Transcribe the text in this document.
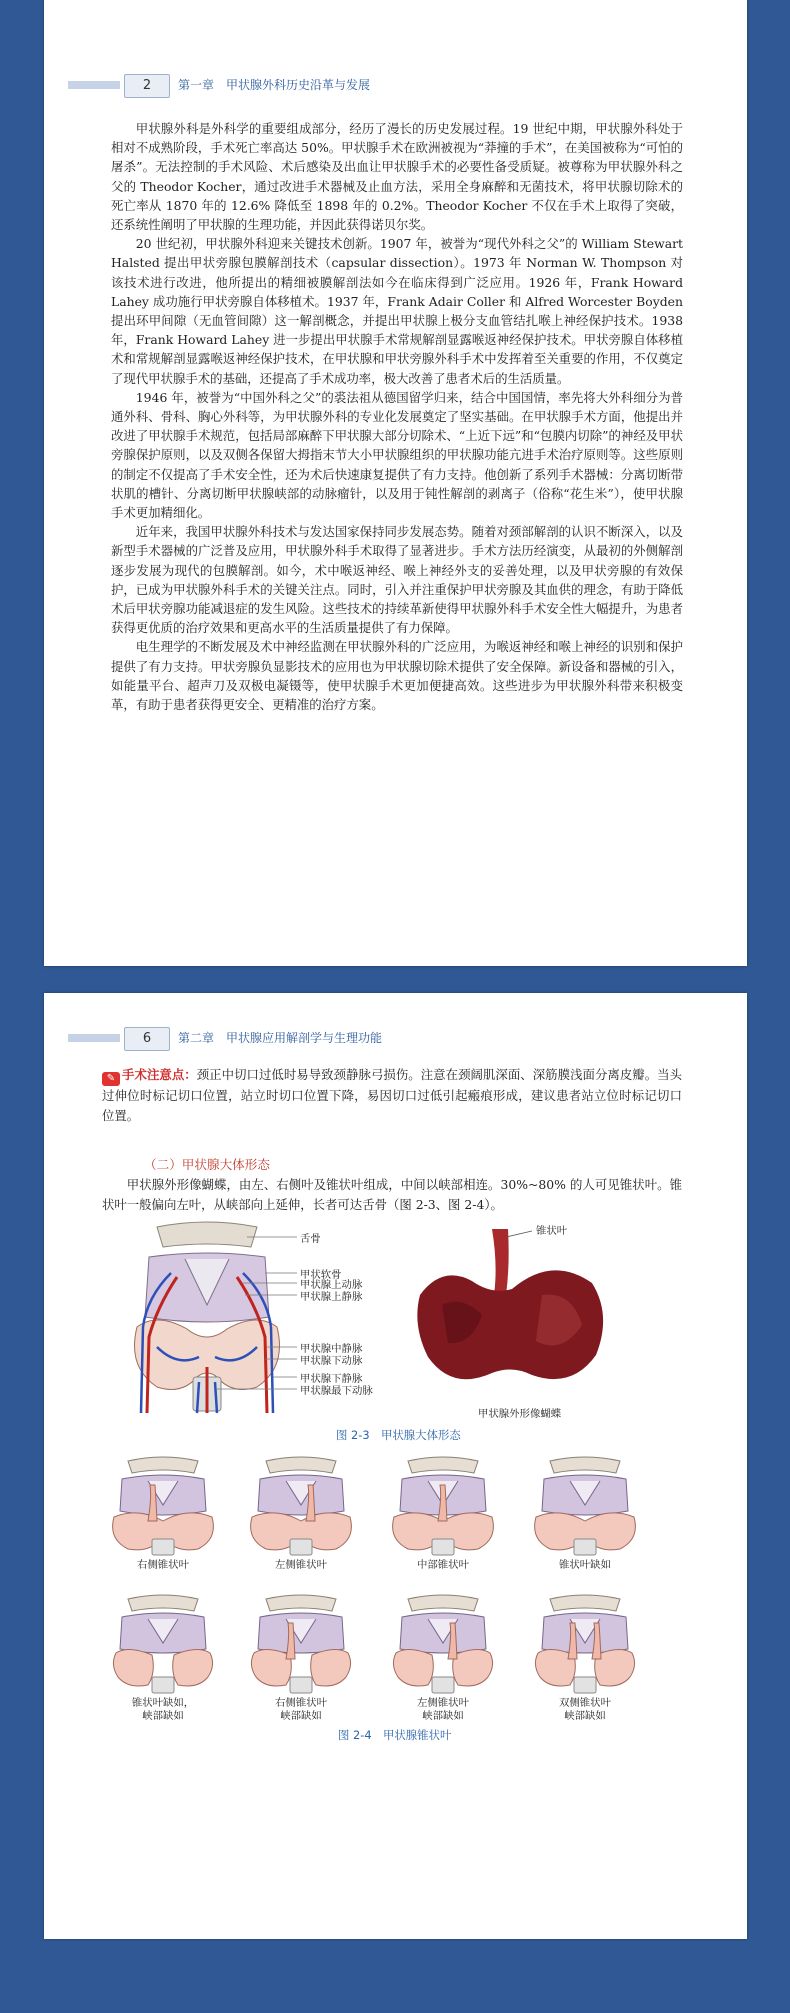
2	第一章　甲状腺外科历史沿革与发展

甲状腺外科是外科学的重要组成部分，经历了漫长的历史发展过程。19 世纪中期，甲状腺外科处于相对不成熟阶段，手术死亡率高达 50%。甲状腺手术在欧洲被视为“莽撞的手术”，在美国被称为“可怕的屠杀”。无法控制的手术风险、术后感染及出血让甲状腺手术的必要性备受质疑。被尊称为甲状腺外科之父的 Theodor Kocher，通过改进手术器械及止血方法，采用全身麻醉和无菌技术，将甲状腺切除术的死亡率从 1870 年的 12.6% 降低至 1898 年的 0.2%。Theodor Kocher 不仅在手术上取得了突破，还系统性阐明了甲状腺的生理功能，并因此获得诺贝尔奖。

20 世纪初，甲状腺外科迎来关键技术创新。1907 年，被誉为“现代外科之父”的 William Stewart Halsted 提出甲状旁腺包膜解剖技术（capsular dissection）。1973 年 Norman W. Thompson 对该技术进行改进，他所提出的精细被膜解剖法如今在临床得到广泛应用。1926 年，Frank Howard Lahey 成功施行甲状旁腺自体移植术。1937 年，Frank Adair Coller 和 Alfred Worcester Boyden 提出环甲间隙（无血管间隙）这一解剖概念，并提出甲状腺上极分支血管结扎喉上神经保护技术。1938 年，Frank Howard Lahey 进一步提出甲状腺手术常规解剖显露喉返神经保护技术。甲状旁腺自体移植术和常规解剖显露喉返神经保护技术，在甲状腺和甲状旁腺外科手术中发挥着至关重要的作用，不仅奠定了现代甲状腺手术的基础，还提高了手术成功率，极大改善了患者术后的生活质量。

1946 年，被誉为“中国外科之父”的裘法祖从德国留学归来，结合中国国情，率先将大外科细分为普通外科、骨科、胸心外科等，为甲状腺外科的专业化发展奠定了坚实基础。在甲状腺手术方面，他提出并改进了甲状腺手术规范，包括局部麻醉下甲状腺大部分切除术、“上近下远”和“包膜内切除”的神经及甲状旁腺保护原则，以及双侧各保留大拇指末节大小甲状腺组织的甲状腺功能亢进手术治疗原则等。这些原则的制定不仅提高了手术安全性，还为术后快速康复提供了有力支持。他创新了系列手术器械：分离切断带状肌的槽针、分离切断甲状腺峡部的动脉瘤针，以及用于钝性解剖的剥离子（俗称“花生米”），使甲状腺手术更加精细化。

近年来，我国甲状腺外科技术与发达国家保持同步发展态势。随着对颈部解剖的认识不断深入，以及新型手术器械的广泛普及应用，甲状腺外科手术取得了显著进步。手术方法历经演变，从最初的外侧解剖逐步发展为现代的包膜解剖。如今，术中喉返神经、喉上神经外支的妥善处理，以及甲状旁腺的有效保护，已成为甲状腺外科手术的关键关注点。同时，引入并注重保护甲状旁腺及其血供的理念，有助于降低术后甲状旁腺功能减退症的发生风险。这些技术的持续革新使得甲状腺外科手术安全性大幅提升，为患者获得更优质的治疗效果和更高水平的生活质量提供了有力保障。

电生理学的不断发展及术中神经监测在甲状腺外科的广泛应用，为喉返神经和喉上神经的识别和保护提供了有力支持。甲状旁腺负显影技术的应用也为甲状腺切除术提供了安全保障。新设备和器械的引入，如能量平台、超声刀及双极电凝镊等，使甲状腺手术更加便捷高效。这些进步为甲状腺外科带来积极变革，有助于患者获得更安全、更精准的治疗方案。

6	第二章　甲状腺应用解剖学与生理功能
✎ 手术注意点：颈正中切口过低时易导致颈静脉弓损伤。注意在颈阔肌深面、深筋膜浅面分离皮瓣。当头过伸位时标记切口位置，站立时切口位置下降，易因切口过低引起瘢痕形成，建议患者站立位时标记切口位置。
（二）甲状腺大体形态
甲状腺外形像蝴蝶，由左、右侧叶及锥状叶组成，中间以峡部相连。30%~80% 的人可见锥状叶。锥状叶一般偏向左叶，从峡部向上延伸，长者可达舌骨（图 2-3、图 2-4）。
舌骨
甲状软骨
甲状腺上动脉
甲状腺上静脉
甲状腺中静脉
甲状腺下动脉
甲状腺下静脉
甲状腺最下动脉
锥状叶
甲状腺外形像蝴蝶
图 2-3　甲状腺大体形态
右侧锥状叶	左侧锥状叶	中部锥状叶	锥状叶缺如
锥状叶缺如，
峡部缺如
右侧锥状叶
峡部缺如
左侧锥状叶
峡部缺如
双侧锥状叶
峡部缺如
图 2-4　甲状腺锥状叶
